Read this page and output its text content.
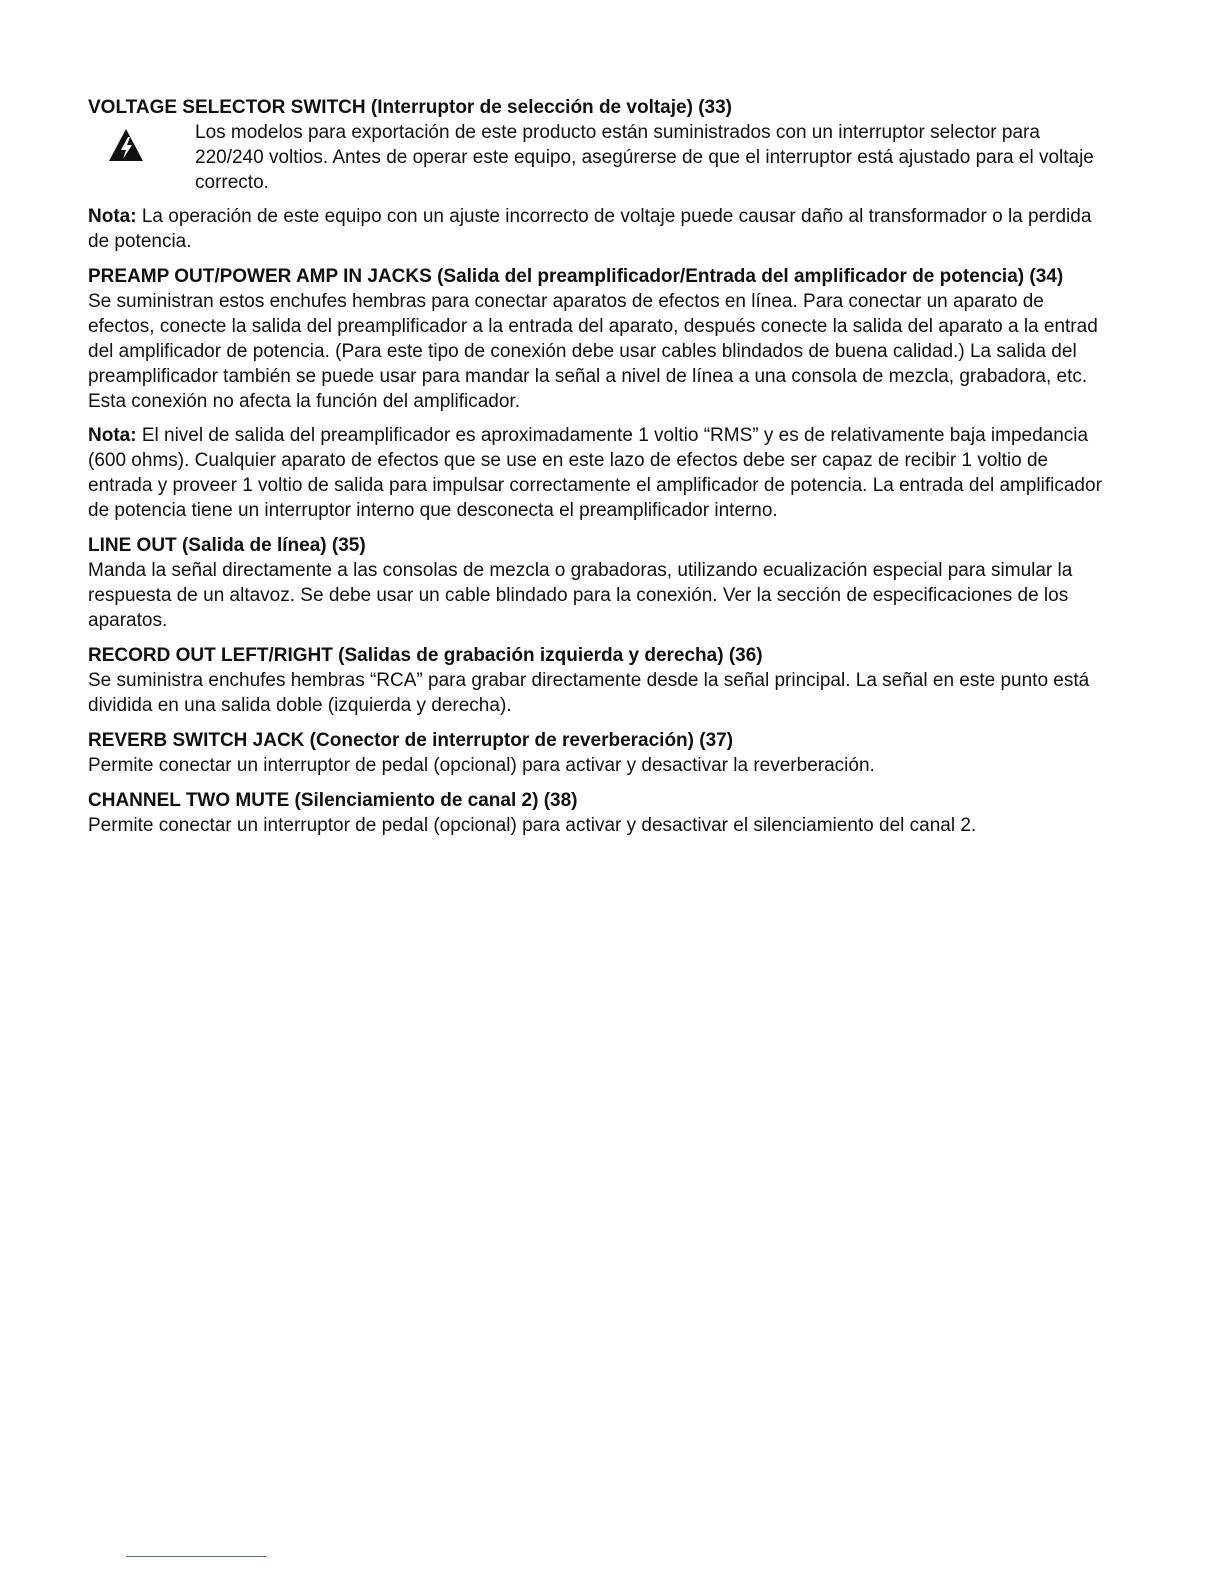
VOLTAGE SELECTOR SWITCH (Interruptor de selección de voltaje) (33)

Los modelos para exportación de este producto están suministrados con un interruptor selector para 220/240 voltios. Antes de operar este equipo, asegúrerse de que el interruptor está ajustado para el voltaje correcto.

Nota: La operación de este equipo con un ajuste incorrecto de voltaje puede causar daño al transformador o la perdida de potencia.

PREAMP OUT/POWER AMP IN JACKS (Salida del preamplificador/Entrada del amplificador de potencia) (34)

Se suministran estos enchufes hembras para conectar aparatos de efectos en línea. Para conectar un aparato de efectos, conecte la salida del preamplificador a la entrada del aparato, después conecte la salida del aparato a la entrad del amplificador de potencia. (Para este tipo de conexión debe usar cables blindados de buena calidad.) La salida del preamplificador también se puede usar para mandar la señal a nivel de línea a una consola de mezcla, grabadora, etc. Esta conexión no afecta la función del amplificador.

Nota: El nivel de salida del preamplificador es aproximadamente 1 voltio “RMS” y es de relativamente baja impedancia (600 ohms). Cualquier aparato de efectos que se use en este lazo de efectos debe ser capaz de recibir 1 voltio de entrada y proveer 1 voltio de salida para impulsar correctamente el amplificador de potencia. La entrada del amplificador de potencia tiene un interruptor interno que desconecta el preamplificador interno.

LINE OUT (Salida de línea) (35)

Manda la señal directamente a las consolas de mezcla o grabadoras, utilizando ecualización especial para simular la respuesta de un altavoz. Se debe usar un cable blindado para la conexión. Ver la sección de especificaciones de los aparatos.

RECORD OUT LEFT/RIGHT (Salidas de grabación izquierda y derecha) (36)

Se suministra enchufes hembras “RCA” para grabar directamente desde la señal principal. La señal en este punto está dividida en una salida doble (izquierda y derecha).

REVERB SWITCH JACK (Conector de interruptor de reverberación) (37)

Permite conectar un interruptor de pedal (opcional) para activar y desactivar la reverberación.

CHANNEL TWO MUTE (Silenciamiento de canal 2) (38)

Permite conectar un interruptor de pedal (opcional) para activar y desactivar el silenciamiento del canal 2.
